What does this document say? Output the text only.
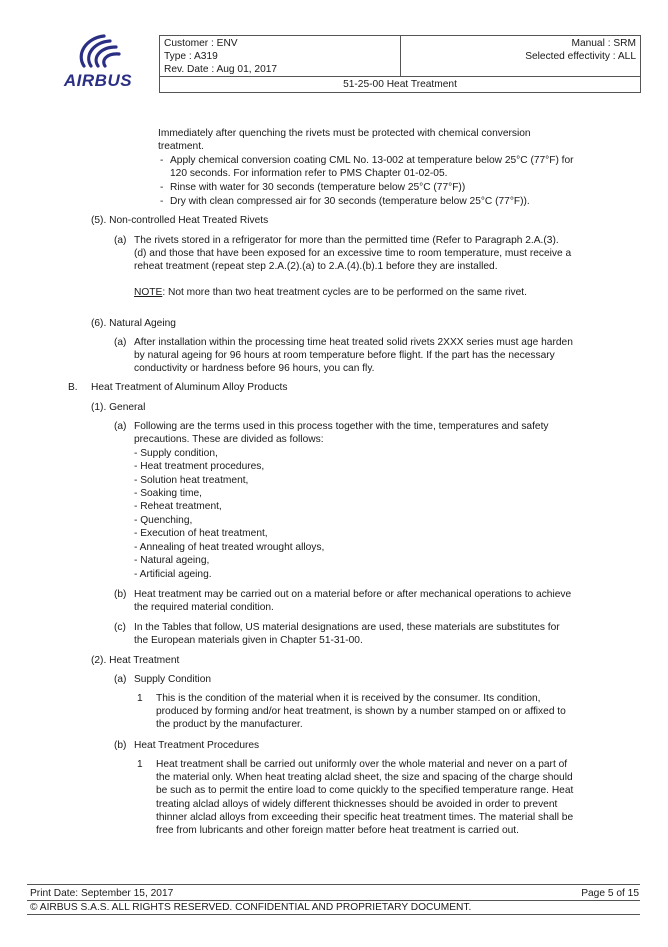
AIRBUS
Customer : ENV
Type : A319
Rev. Date : Aug 01, 2017
Manual : SRM
Selected effectivity : ALL
51-25-00 Heat Treatment
Immediately after quenching the rivets must be protected with chemical conversion
treatment.
- Apply chemical conversion coating CML No. 13-002 at temperature below 25°C (77°F) for
120 seconds. For information refer to PMS Chapter 01-02-05.
- Rinse with water for 30 seconds (temperature below 25°C (77°F))
- Dry with clean compressed air for 30 seconds (temperature below 25°C (77°F)).
(5). Non-controlled Heat Treated Rivets
(a) The rivets stored in a refrigerator for more than the permitted time (Refer to Paragraph 2.A.(3).
(d) and those that have been exposed for an excessive time to room temperature, must receive a
reheat treatment (repeat step 2.A.(2).(a) to 2.A.(4).(b).1 before they are installed.
NOTE: Not more than two heat treatment cycles are to be performed on the same rivet.
(6). Natural Ageing
(a) After installation within the processing time heat treated solid rivets 2XXX series must age harden
by natural ageing for 96 hours at room temperature before flight. If the part has the necessary
conductivity or hardness before 96 hours, you can fly.
B. Heat Treatment of Aluminum Alloy Products
(1). General
(a) Following are the terms used in this process together with the time, temperatures and safety
precautions. These are divided as follows:
- Supply condition,
- Heat treatment procedures,
- Solution heat treatment,
- Soaking time,
- Reheat treatment,
- Quenching,
- Execution of heat treatment,
- Annealing of heat treated wrought alloys,
- Natural ageing,
- Artificial ageing.
(b) Heat treatment may be carried out on a material before or after mechanical operations to achieve
the required material condition.
(c) In the Tables that follow, US material designations are used, these materials are substitutes for
the European materials given in Chapter 51-31-00.
(2). Heat Treatment
(a) Supply Condition
1 This is the condition of the material when it is received by the consumer. Its condition,
produced by forming and/or heat treatment, is shown by a number stamped on or affixed to
the product by the manufacturer.
(b) Heat Treatment Procedures
1 Heat treatment shall be carried out uniformly over the whole material and never on a part of
the material only. When heat treating alclad sheet, the size and spacing of the charge should
be such as to permit the entire load to come quickly to the specified temperature range. Heat
treating alclad alloys of widely different thicknesses should be avoided in order to prevent
thinner alclad alloys from exceeding their specific heat treatment times. The material shall be
free from lubricants and other foreign matter before heat treatment is carried out.
Print Date: September 15, 2017	Page 5 of 15
© AIRBUS S.A.S. ALL RIGHTS RESERVED. CONFIDENTIAL AND PROPRIETARY DOCUMENT.
